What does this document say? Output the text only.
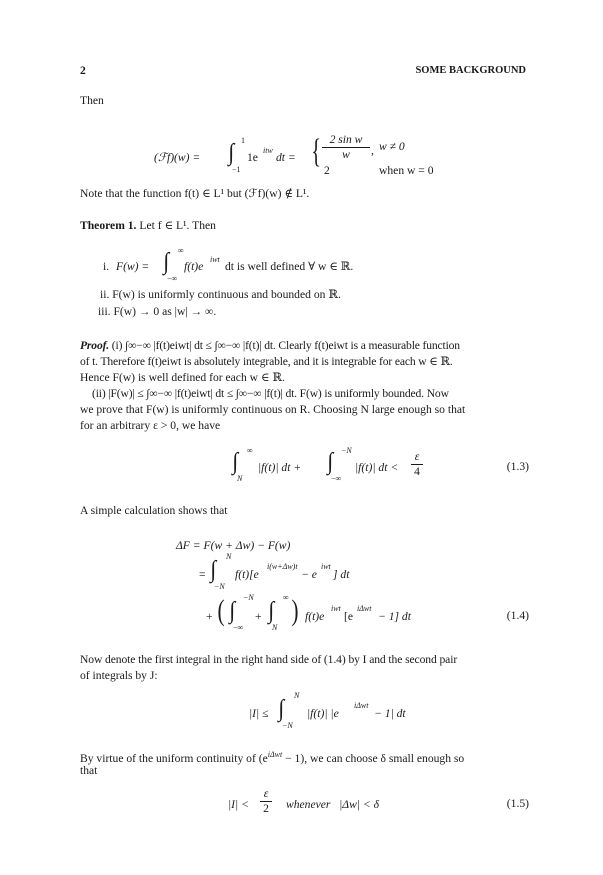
2	SOME BACKGROUND
Then
(ℱf)(w) = ∫ 1
−1
1e
itw
dt = { 2 sin w
w	, w ≠ 0
2	when w = 0
Note that the function f(t) ∈ L¹ but (ℱf)(w) ∉ L¹.
Theorem 1. Let f ∈ L¹. Then
i. F(w) = ∫ ∞
−∞
f(t)e
iwt
dt is well defined ∀ w ∈ ℝ.
ii. F(w) is uniformly continuous and bounded on ℝ.
iii. F(w) → 0 as |w| → ∞.
Proof. (i) ∫∞−∞ |f(t)eiwt| dt ≤ ∫∞−∞ |f(t)| dt. Clearly f(t)eiwt is a measurable function
of t. Therefore f(t)eiwt is absolutely integrable, and it is integrable for each w ∈ ℝ.
Hence F(w) is well defined for each w ∈ ℝ.
(ii) |F(w)| ≤ ∫∞−∞ |f(t)eiwt| dt ≤ ∫∞−∞ |f(t)| dt. F(w) is uniformly bounded. Now
we prove that F(w) is uniformly continuous on R. Choosing N large enough so that
for an arbitrary ε > 0, we have
∫ ∞
N
|f(t)| dt + ∫ −N
−∞
|f(t)| dt <
ε
4	(1.3)
A simple calculation shows that
ΔF = F(w + Δw) − F(w)
= ∫
N
−N
f(t)[e
i(w+Δw)t
− e
iwt
] dt
+ ( ∫
−N
−∞
+ ∫
∞
N
) f(t)e
iwt
[e
iΔwt
− 1] dt	(1.4)
Now denote the first integral in the right hand side of (1.4) by I and the second pair
of integrals by J:
|I| ≤ ∫
N
−N
|f(t)| |e
iΔwt
− 1| dt
By virtue of the uniform continuity of $(e^{i\Delta wt} - 1)$, we can choose δ small enough so
that
|I| <
ε
2 whenever   |Δw| < δ	(1.5)
